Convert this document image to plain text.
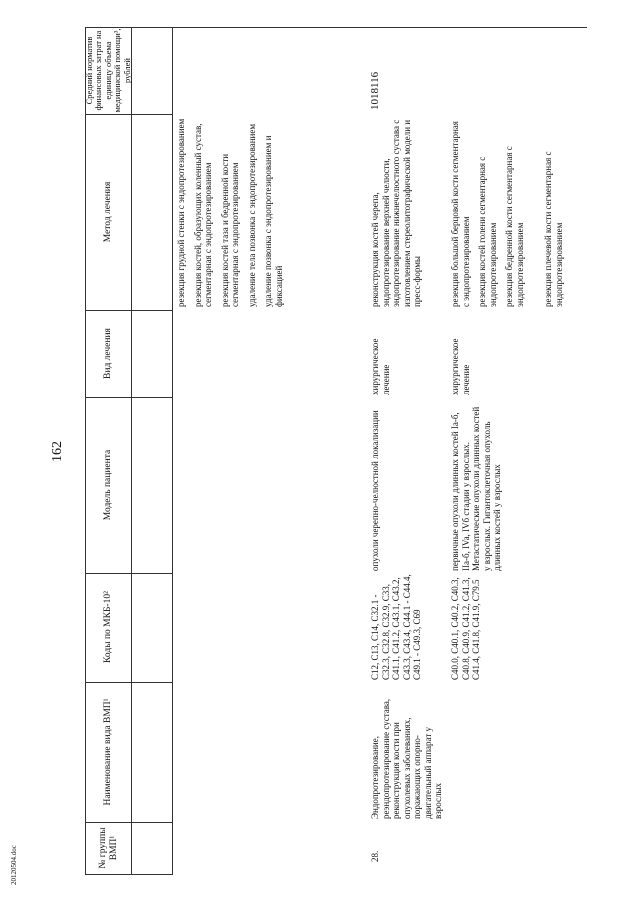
162
20120504.doc	№ группы ВМП¹
Наименование вида ВМП¹
Коды по МКБ-10²
Модель пациента
Вид лечения
Метод лечения
Средний норматив финансовых затрат на единицу объема медицинской помощи³, рублей
резекция грудной стенки с эндопротезированием резекция костей, образующих коленный сустав, сегментарная с эндопротезированием резекция костей таза и бедренной кости сегментарная с эндопротезированием удаление тела позвонка с эндопротезированием удаление позвонка с эндопротезированием и фиксацией
28.
Эндопротезирование, реэндопротезирование сустава, реконструкция кости при опухолевых заболеваниях, поражающих опорно-двигательный аппарат у взрослых
C12, C13, C14, C32.1 - C32.3, C32.8, C32.9, C33, C41.1, C41.2, C43.1, C43.2, C43.3, C43.4, C44.1 - C44.4, C49.1 - C49.3, C69
опухоли черепно-челюстной локализации
хирургическое лечение
реконструкция костей черепа, эндопротезирование верхней челюсти, эндопротезирование нижнечелюстного сустава с изготовлением стереолитографической модели и пресс-формы
1018116
C40.0, C40.1, C40.2, C40.3, C40.8, C40.9, C41.2, C41.3, C41.4, C41.8, C41.9, C79.5
первичные опухоли длинных костей Ia-б, IIa-б, IVa, IVб стадии у взрослых. Метастатические опухоли длинных костей у взрослых. Гигантоклеточная опухоль длинных костей у взрослых
хирургическое лечение
резекция большой берцовой кости сегментарная с эндопротезированием резекция костей голени сегментарная с эндопротезированием резекция бедренной кости сегментарная с эндопротезированием резекция плечевой кости сегментарная с эндопротезированием
